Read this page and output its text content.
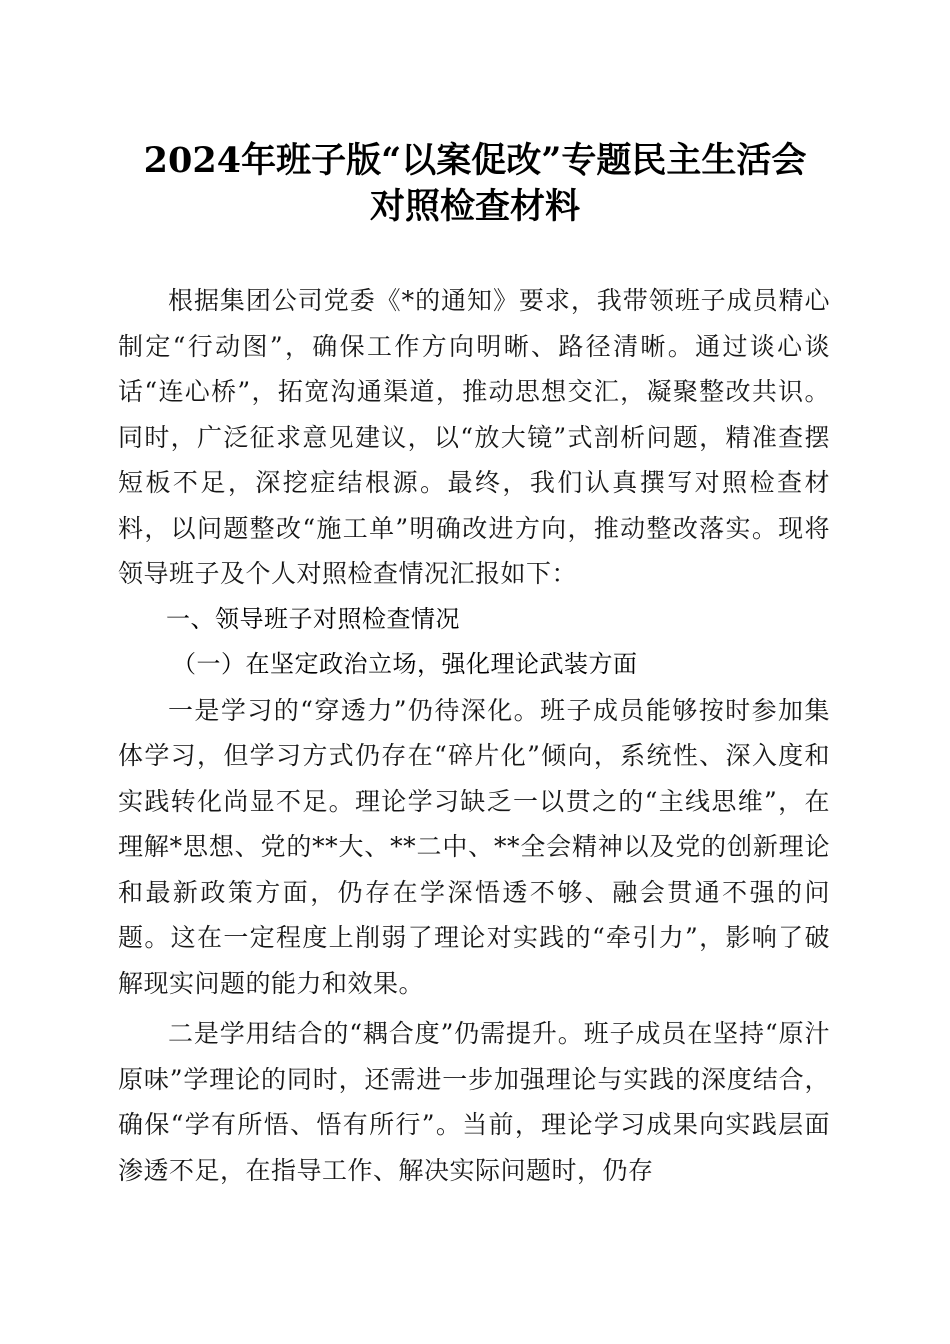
2024年班子版“以案促改”专题民主生活会
对照检查材料

根据集团公司党委《*的通知》要求，我带领班子成员精心制定“行动图”，确保工作方向明晰、路径清晰。通过谈心谈话“连心桥”，拓宽沟通渠道，推动思想交汇，凝聚整改共识。同时，广泛征求意见建议，以“放大镜”式剖析问题，精准查摆短板不足，深挖症结根源。最终，我们认真撰写对照检查材料，以问题整改“施工单”明确改进方向，推动整改落实。现将领导班子及个人对照检查情况汇报如下：

一、领导班子对照检查情况

（一）在坚定政治立场，强化理论武装方面

一是学习的“穿透力”仍待深化。班子成员能够按时参加集体学习，但学习方式仍存在“碎片化”倾向，系统性、深入度和实践转化尚显不足。理论学习缺乏一以贯之的“主线思维”，在理解*思想、党的**大、**二中、**全会精神以及党的创新理论和最新政策方面，仍存在学深悟透不够、融会贯通不强的问题。这在一定程度上削弱了理论对实践的“牵引力”，影响了破解现实问题的能力和效果。

二是学用结合的“耦合度”仍需提升。班子成员在坚持“原汁原味”学理论的同时，还需进一步加强理论与实践的深度结合，确保“学有所悟、悟有所行”。当前，理论学习成果向实践层面渗透不足，在指导工作、解决实际问题时，仍存
